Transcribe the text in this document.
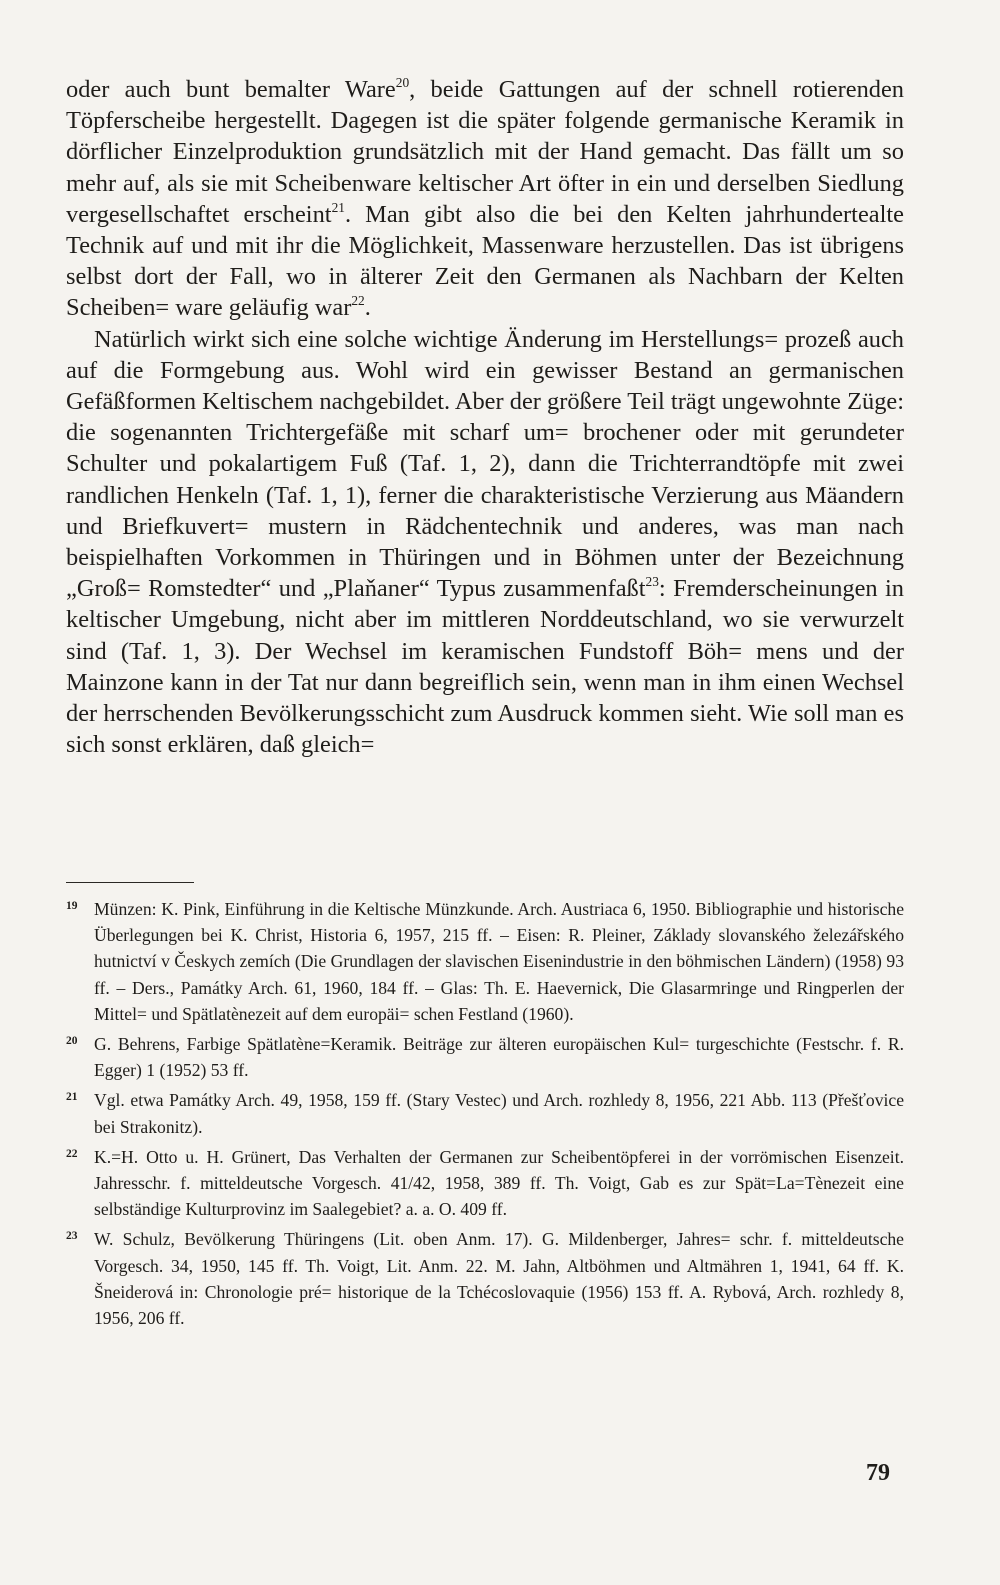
oder auch bunt bemalter Ware$^{20}$, beide Gattungen auf der schnell rotierenden Töpferscheibe hergestellt. Dagegen ist die später folgende germanische Keramik in dörflicher Einzelproduktion grundsätzlich mit der Hand gemacht. Das fällt um so mehr auf, als sie mit Scheibenware keltischer Art öfter in ein und derselben Siedlung vergesellschaftet erscheint$^{21}$. Man gibt also die bei den Kelten jahrhundertealte Technik auf und mit ihr die Möglichkeit, Massenware herzustellen. Das ist übrigens selbst dort der Fall, wo in älterer Zeit den Germanen als Nachbarn der Kelten Scheiben= ware geläufig war$^{22}$.

Natürlich wirkt sich eine solche wichtige Änderung im Herstellungs= prozeß auch auf die Formgebung aus. Wohl wird ein gewisser Bestand an germanischen Gefäßformen Keltischem nachgebildet. Aber der größere Teil trägt ungewohnte Züge: die sogenannten Trichtergefäße mit scharf um= brochener oder mit gerundeter Schulter und pokalartigem Fuß (Taf. 1, 2), dann die Trichterrandtöpfe mit zwei randlichen Henkeln (Taf. 1, 1), ferner die charakteristische Verzierung aus Mäandern und Briefkuvert= mustern in Rädchentechnik und anderes, was man nach beispielhaften Vorkommen in Thüringen und in Böhmen unter der Bezeichnung „Groß= Romstedter“ und „Plaňaner“ Typus zusammenfaßt$^{23}$: Fremderscheinungen in keltischer Umgebung, nicht aber im mittleren Norddeutschland, wo sie verwurzelt sind (Taf. 1, 3). Der Wechsel im keramischen Fundstoff Böh= mens und der Mainzone kann in der Tat nur dann begreiflich sein, wenn man in ihm einen Wechsel der herrschenden Bevölkerungsschicht zum Ausdruck kommen sieht. Wie soll man es sich sonst erklären, daß gleich=

19 Münzen: K. Pink, Einführung in die Keltische Münzkunde. Arch. Austriaca 6, 1950. Bibliographie und historische Überlegungen bei K. Christ, Historia 6, 1957, 215 ff. – Eisen: R. Pleiner, Základy slovanského železářského hutnictví v Českych zemích (Die Grundlagen der slavischen Eisenindustrie in den böhmischen Ländern) (1958) 93 ff. – Ders., Památky Arch. 61, 1960, 184 ff. – Glas: Th. E. Haevernick, Die Glasarmringe und Ringperlen der Mittel= und Spätlatènezeit auf dem europäi= schen Festland (1960).
20 G. Behrens, Farbige Spätlatène=Keramik. Beiträge zur älteren europäischen Kul= turgeschichte (Festschr. f. R. Egger) 1 (1952) 53 ff.
21 Vgl. etwa Památky Arch. 49, 1958, 159 ff. (Stary Vestec) und Arch. rozhledy 8, 1956, 221 Abb. 113 (Přešťovice bei Strakonitz).
22 K.=H. Otto u. H. Grünert, Das Verhalten der Germanen zur Scheibentöpferei in der vorrömischen Eisenzeit. Jahresschr. f. mitteldeutsche Vorgesch. 41/42, 1958, 389 ff. Th. Voigt, Gab es zur Spät=La=Tènezeit eine selbständige Kulturprovinz im Saalegebiet? a. a. O. 409 ff.
23 W. Schulz, Bevölkerung Thüringens (Lit. oben Anm. 17). G. Mildenberger, Jahres= schr. f. mitteldeutsche Vorgesch. 34, 1950, 145 ff. Th. Voigt, Lit. Anm. 22. M. Jahn, Altböhmen und Altmähren 1, 1941, 64 ff. K. Šneiderová in: Chronologie pré= historique de la Tchécoslovaquie (1956) 153 ff. A. Rybová, Arch. rozhledy 8, 1956, 206 ff.
79
